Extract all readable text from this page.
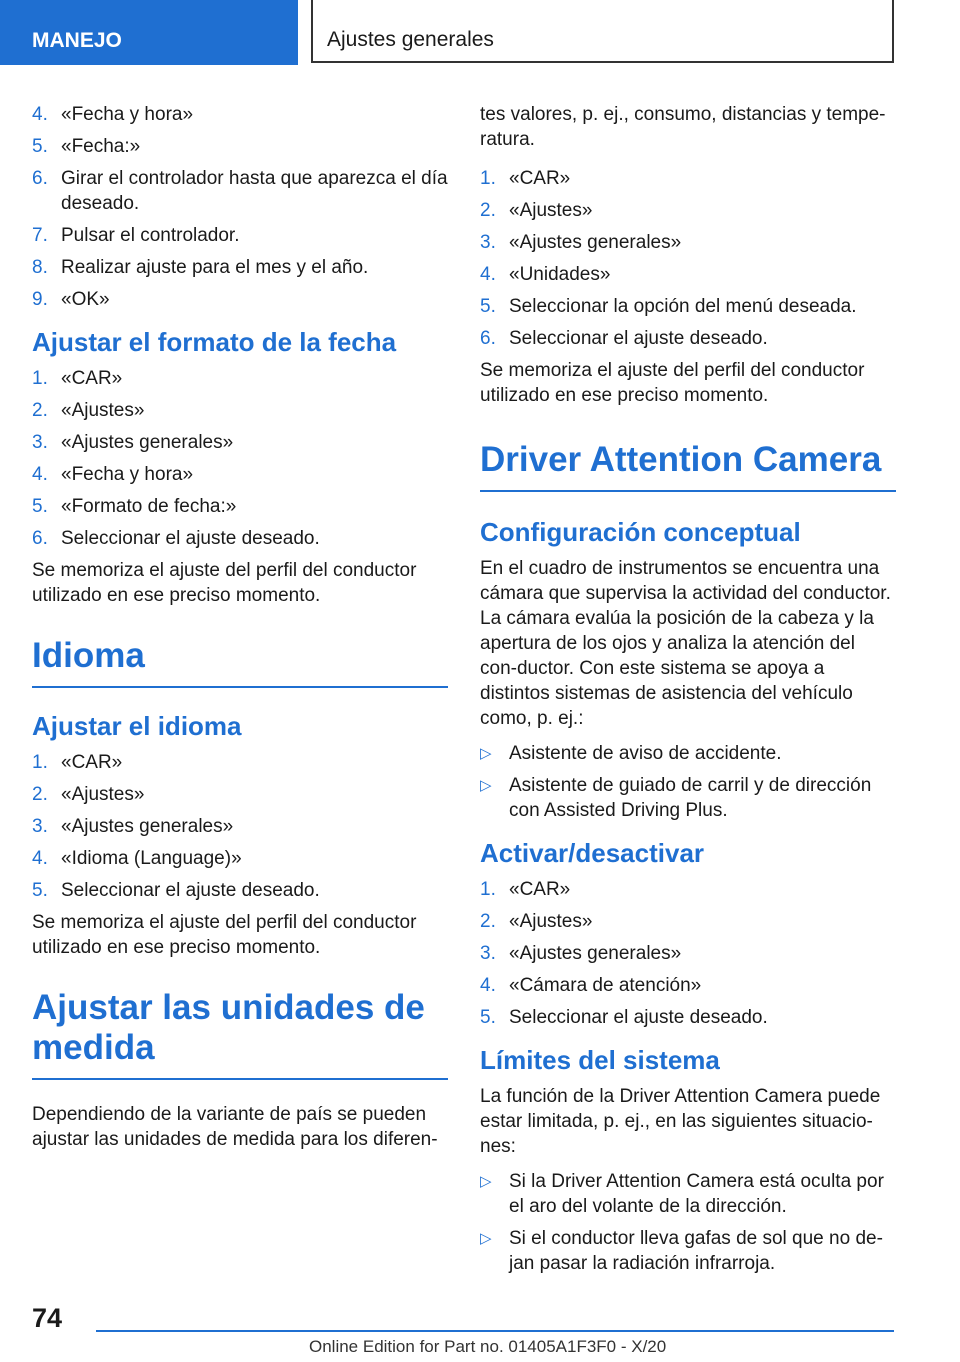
MANEJO	Ajustes generales
4. «Fecha y hora»
5. «Fecha:»
6. Girar el controlador hasta que aparezca el día deseado.
7. Pulsar el controlador.
8. Realizar ajuste para el mes y el año.
9. «OK»
Ajustar el formato de la fecha
1. «CAR»
2. «Ajustes»
3. «Ajustes generales»
4. «Fecha y hora»
5. «Formato de fecha:»
6. Seleccionar el ajuste deseado.

Se memoriza el ajuste del perfil del conductor utilizado en ese preciso momento.

Idioma
Ajustar el idioma
1. «CAR»
2. «Ajustes»
3. «Ajustes generales»
4. «Idioma (Language)»
5. Seleccionar el ajuste deseado.

Se memoriza el ajuste del perfil del conductor utilizado en ese preciso momento.

Ajustar las unidades de medida

Dependiendo de la variante de país se pueden ajustar las unidades de medida para los diferen-

tes valores, p. ej., consumo, distancias y tempe-ratura.

1. «CAR»
2. «Ajustes»
3. «Ajustes generales»
4. «Unidades»
5. Seleccionar la opción del menú deseada.
6. Seleccionar el ajuste deseado.

Se memoriza el ajuste del perfil del conductor utilizado en ese preciso momento.

Driver Attention Camera
Configuración conceptual

En el cuadro de instrumentos se encuentra una cámara que supervisa la actividad del conductor. La cámara evalúa la posición de la cabeza y la apertura de los ojos y analiza la atención del con-ductor. Con este sistema se apoya a distintos sistemas de asistencia del vehículo como, p. ej.:

▷ Asistente de aviso de accidente.
▷ Asistente de guiado de carril y de dirección con Assisted Driving Plus.
Activar/desactivar
1. «CAR»
2. «Ajustes»
3. «Ajustes generales»
4. «Cámara de atención»
5. Seleccionar el ajuste deseado.
Límites del sistema

La función de la Driver Attention Camera puede estar limitada, p. ej., en las siguientes situacio-nes:

▷ Si la Driver Attention Camera está oculta por el aro del volante de la dirección.
▷ Si el conductor lleva gafas de sol que no de-jan pasar la radiación infrarroja.
74
Online Edition for Part no. 01405A1F3F0 - X/20
